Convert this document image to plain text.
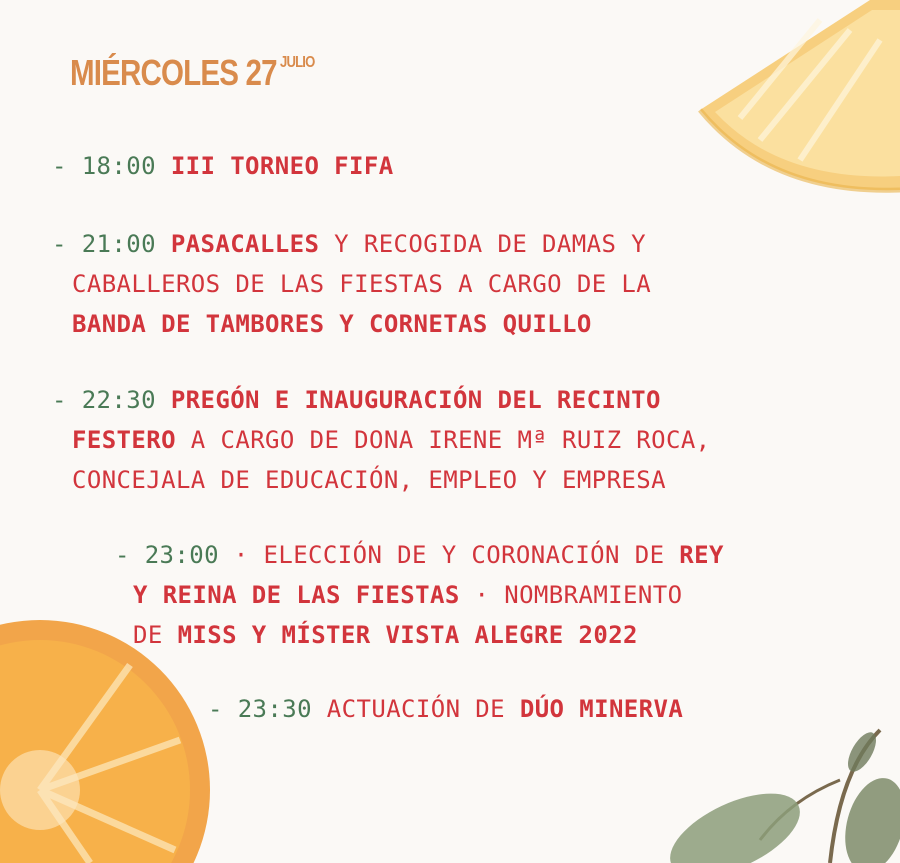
MIÉRCOLES 27 JULIO
- 18:00 III TORNEO FIFA
- 21:00 PASACALLES Y RECOGIDA DE DAMAS Y
CABALLEROS DE LAS FIESTAS A CARGO DE LA
BANDA DE TAMBORES Y CORNETAS QUILLO
- 22:30 PREGÓN E INAUGURACIÓN DEL RECINTO
FESTERO A CARGO DE DONA IRENE Mª RUIZ ROCA,
CONCEJALA DE EDUCACIÓN, EMPLEO Y EMPRESA
- 23:00 · ELECCIÓN DE Y CORONACIÓN DE REY
Y REINA DE LAS FIESTAS · NOMBRAMIENTO
DE MISS Y MÍSTER VISTA ALEGRE 2022
- 23:30 ACTUACIÓN DE DÚO MINERVA
